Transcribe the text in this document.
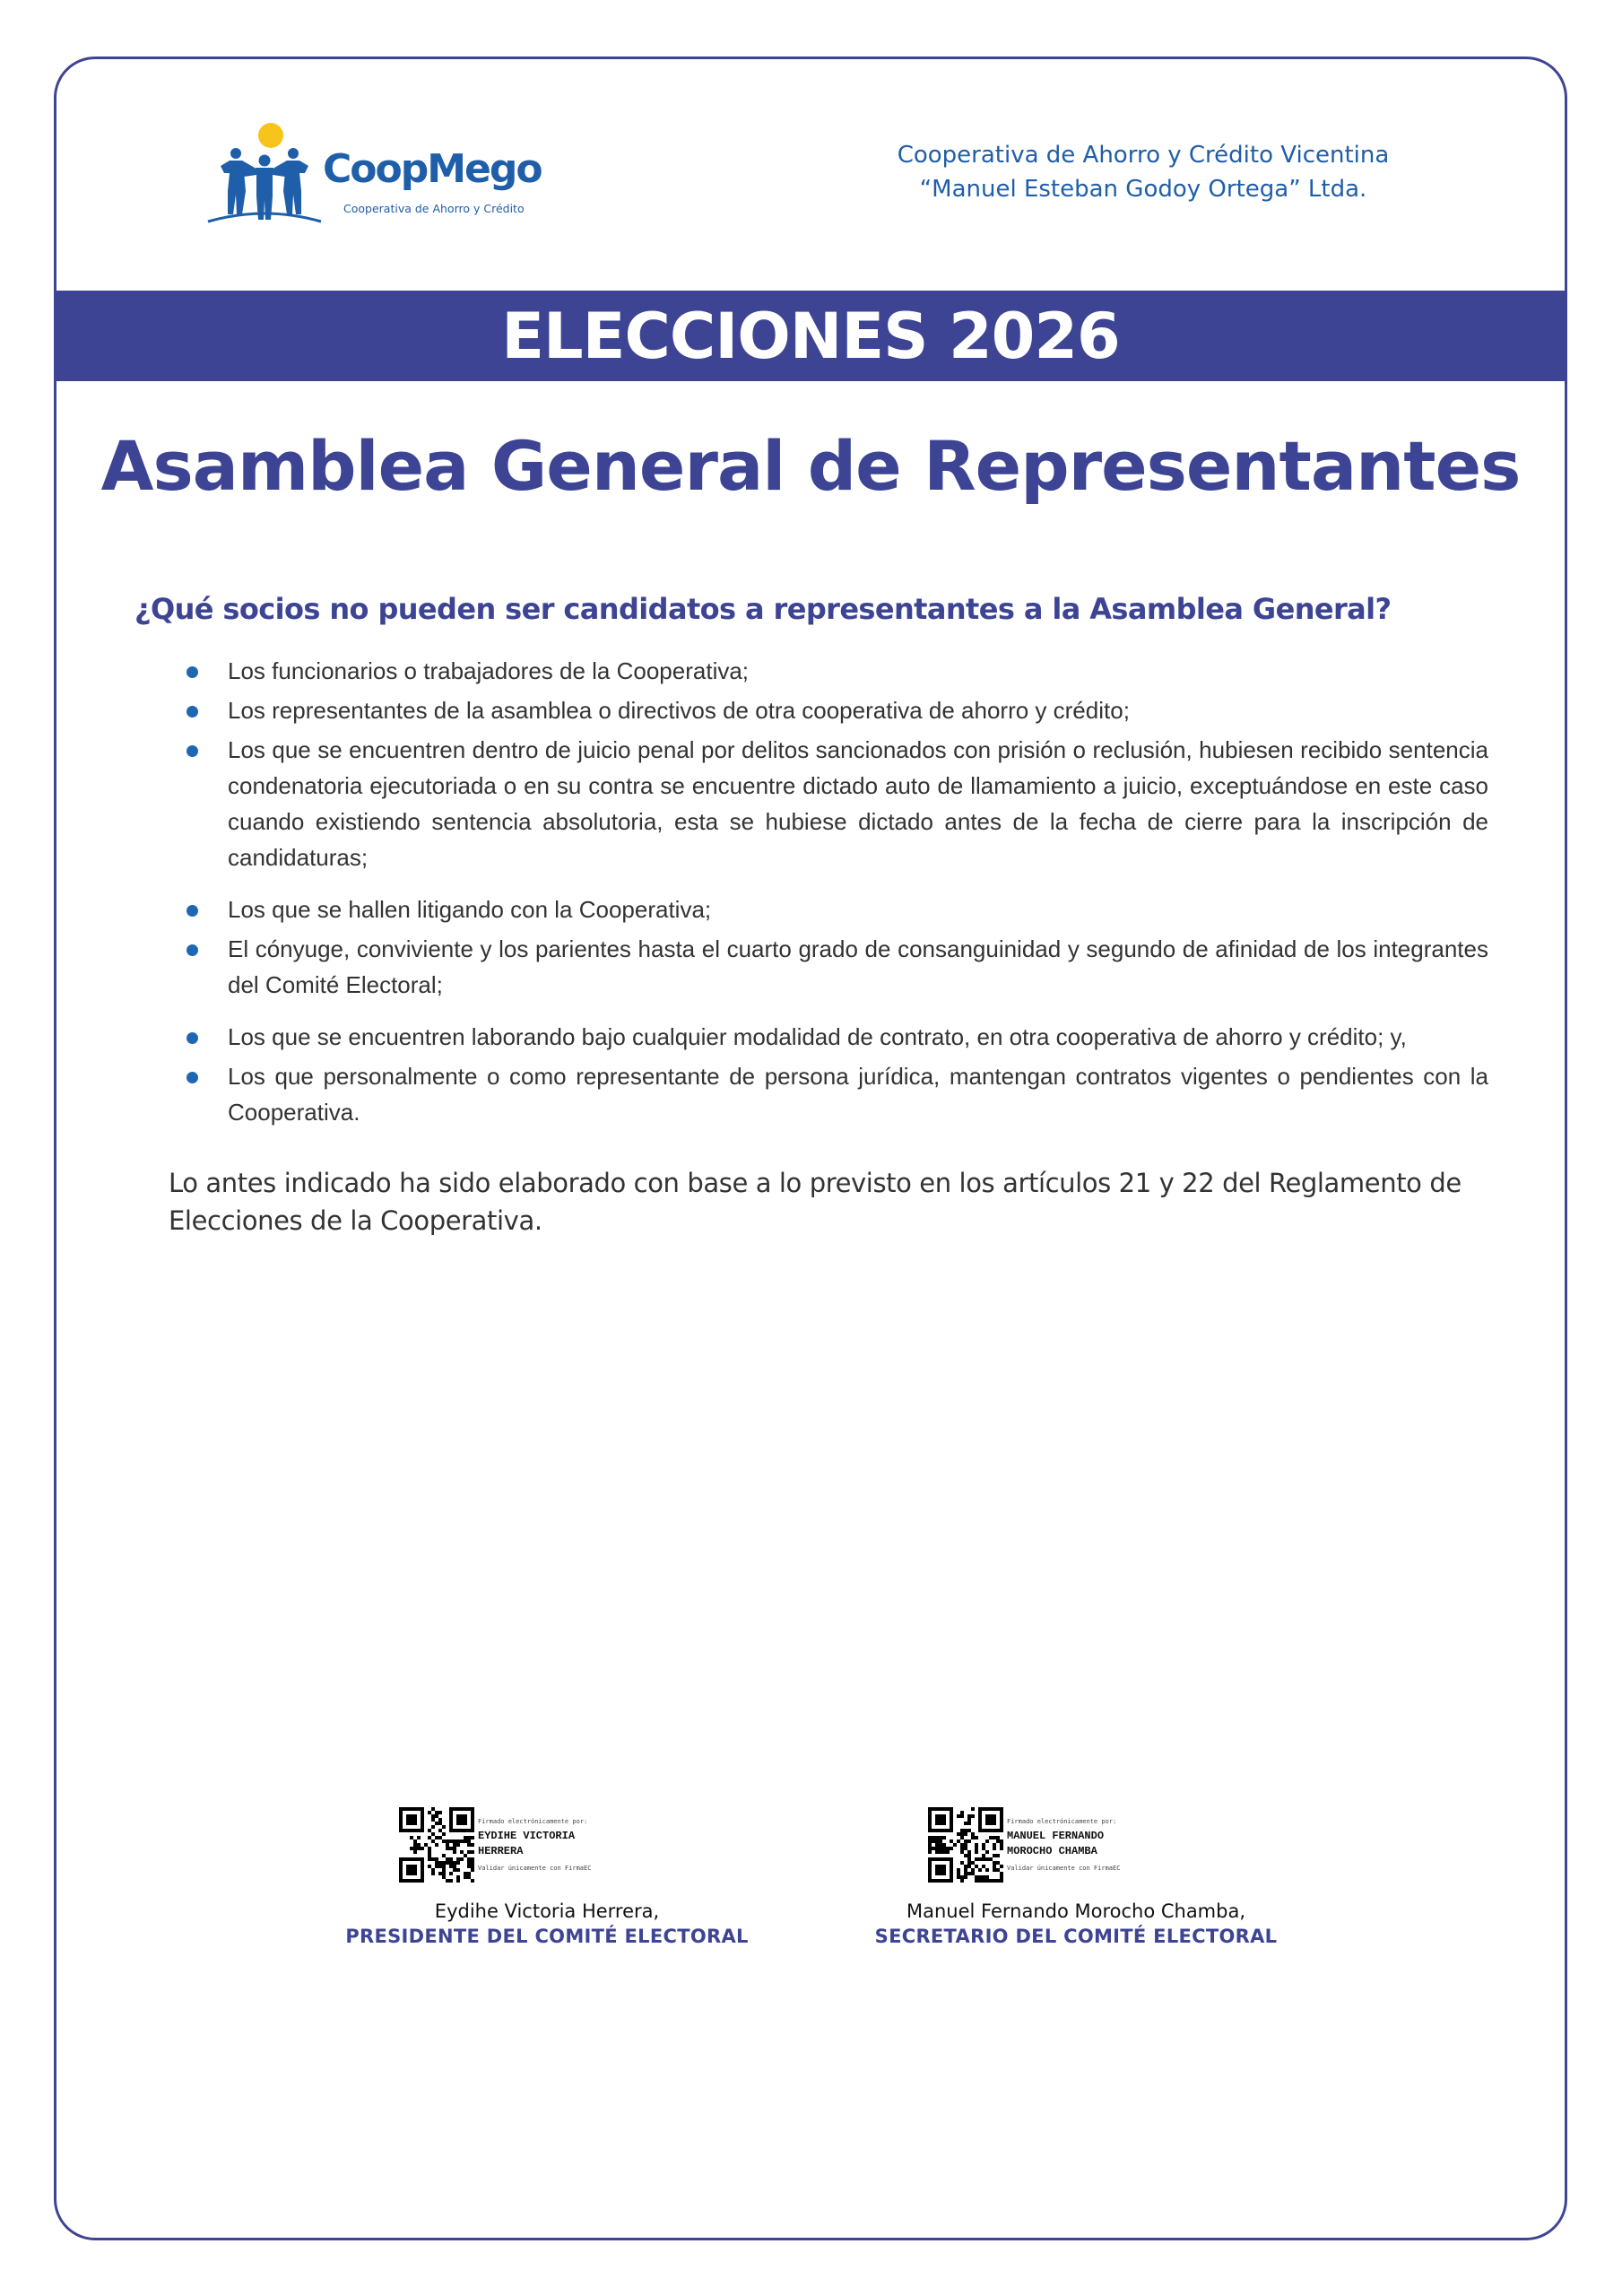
CoopMego
Cooperativa de Ahorro y Crédito
Cooperativa de Ahorro y Crédito Vicentina
“Manuel Esteban Godoy Ortega” Ltda.
ELECCIONES 2026
Asamblea General de Representantes
¿Qué socios no pueden ser candidatos a representantes a la Asamblea General?
Los funcionarios o trabajadores de la Cooperativa;
Los representantes de la asamblea o directivos de otra cooperativa de ahorro y crédito;
Los que se encuentren dentro de juicio penal por delitos sancionados con prisión o reclusión, hubiesen recibido sentencia condenatoria ejecutoriada o en su contra se encuentre dictado auto de llamamiento a juicio, exceptuándose en este caso cuando existiendo sentencia absolutoria, esta se hubiese dictado antes de la fecha de cierre para la inscripción de candidaturas;
Los que se hallen litigando con la Cooperativa;
El cónyuge, conviviente y los parientes hasta el cuarto grado de consanguinidad y segundo de afinidad de los integrantes del Comité Electoral;
Los que se encuentren laborando bajo cualquier modalidad de contrato, en otra cooperativa de ahorro y crédito; y,
Los que personalmente o como representante de persona jurídica, mantengan contratos vigentes o pendientes con la Cooperativa.
Lo antes indicado ha sido elaborado con base a lo previsto en los artículos 21 y 22 del Reglamento de Elecciones de la Cooperativa.
Firmado electrónicamente por:
EYDIHE VICTORIA
HERRERA
Validar únicamente con FirmaEC
Eydihe Victoria Herrera,
PRESIDENTE DEL COMITÉ ELECTORAL
Firmado electrónicamente por:
MANUEL FERNANDO
MOROCHO CHAMBA
Validar únicamente con FirmaEC
Manuel Fernando Morocho Chamba,
SECRETARIO DEL COMITÉ ELECTORAL
